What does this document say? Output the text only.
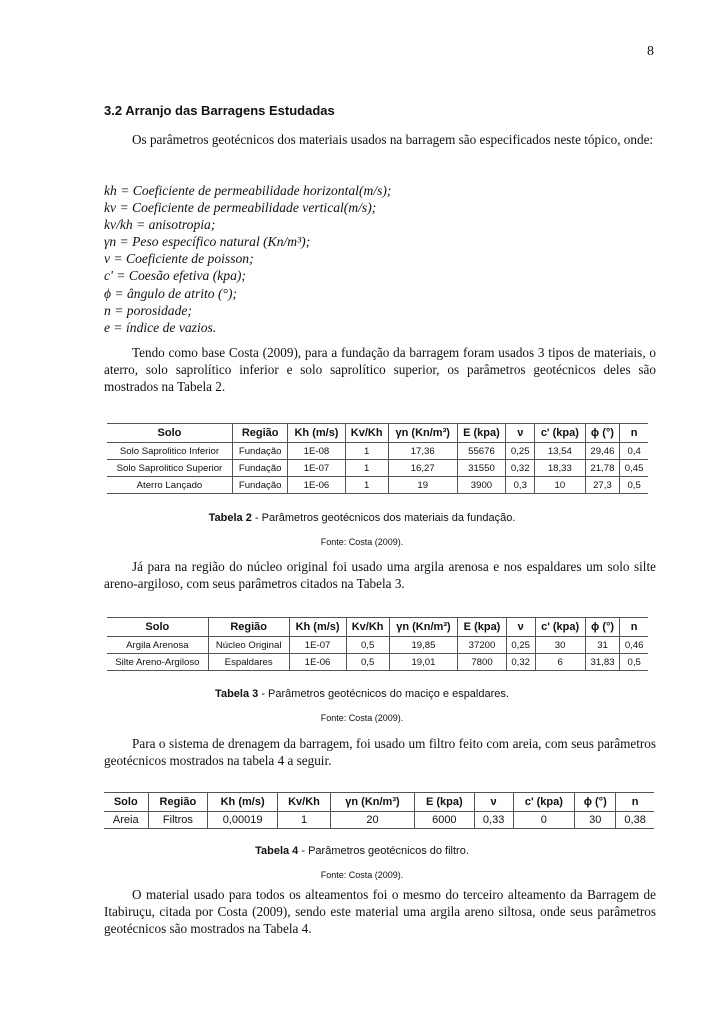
8
3.2 Arranjo das Barragens Estudadas

Os parâmetros geotécnicos dos materiais usados na barragem são especificados neste tópico, onde:

kh = Coeficiente de permeabilidade horizontal(m/s);
kv = Coeficiente de permeabilidade vertical(m/s);
kv/kh = anisotropia;
γn = Peso específico natural (Kn/m³);
ν = Coeficiente de poisson;
c' = Coesão efetiva (kpa);
ϕ = ângulo de atrito (°);
n = porosidade;
e = índice de vazios.

Tendo como base Costa (2009), para a fundação da barragem foram usados 3 tipos de materiais, o aterro, solo saprolítico inferior e solo saprolítico superior, os parâmetros geotécnicos deles são mostrados na Tabela 2.

Solo	Região	Kh (m/s)	Kv/Kh	γn (Kn/m³)	E (kpa)	ν	c' (kpa)	ϕ (°)	n
Solo Saprolitico Inferior	Fundação	1E-08	1	17,36	55676	0,25	13,54	29,46	0,4
Solo Saprolitico Superior	Fundação	1E-07	1	16,27	31550	0,32	18,33	21,78	0,45
Aterro Lançado	Fundação	1E-06	1	19	3900	0,3	10	27,3	0,5
Tabela 2 - Parâmetros geotécnicos dos materiais da fundação.
Fonte: Costa (2009).

Já para na região do núcleo original foi usado uma argila arenosa e nos espaldares um solo silte areno-argiloso, com seus parâmetros citados na Tabela 3.

Solo	Região	Kh (m/s)	Kv/Kh	γn (Kn/m³)	E (kpa)	ν	c' (kpa)	ϕ (°)	n
Argila Arenosa	Núcleo Original	1E-07	0,5	19,85	37200	0,25	30	31	0,46
Silte Areno-Argiloso	Espaldares	1E-06	0,5	19,01	7800	0,32	6	31,83	0,5
Tabela 3 - Parâmetros geotécnicos do maciço e espaldares.
Fonte: Costa (2009).

Para o sistema de drenagem da barragem, foi usado um filtro feito com areia, com seus parâmetros geotécnicos mostrados na tabela 4 a seguir.

Solo	Região	Kh (m/s)	Kv/Kh	γn (Kn/m³)	E (kpa)	ν	c' (kpa)	ϕ (°)	n
Areia	Filtros	0,00019	1	20	6000	0,33	0	30	0,38
Tabela 4 - Parâmetros geotécnicos do filtro.
Fonte: Costa (2009).

O material usado para todos os alteamentos foi o mesmo do terceiro alteamento da Barragem de Itabiruçu, citada por Costa (2009), sendo este material uma argila areno siltosa, onde seus parâmetros geotécnicos são mostrados na Tabela 4.
